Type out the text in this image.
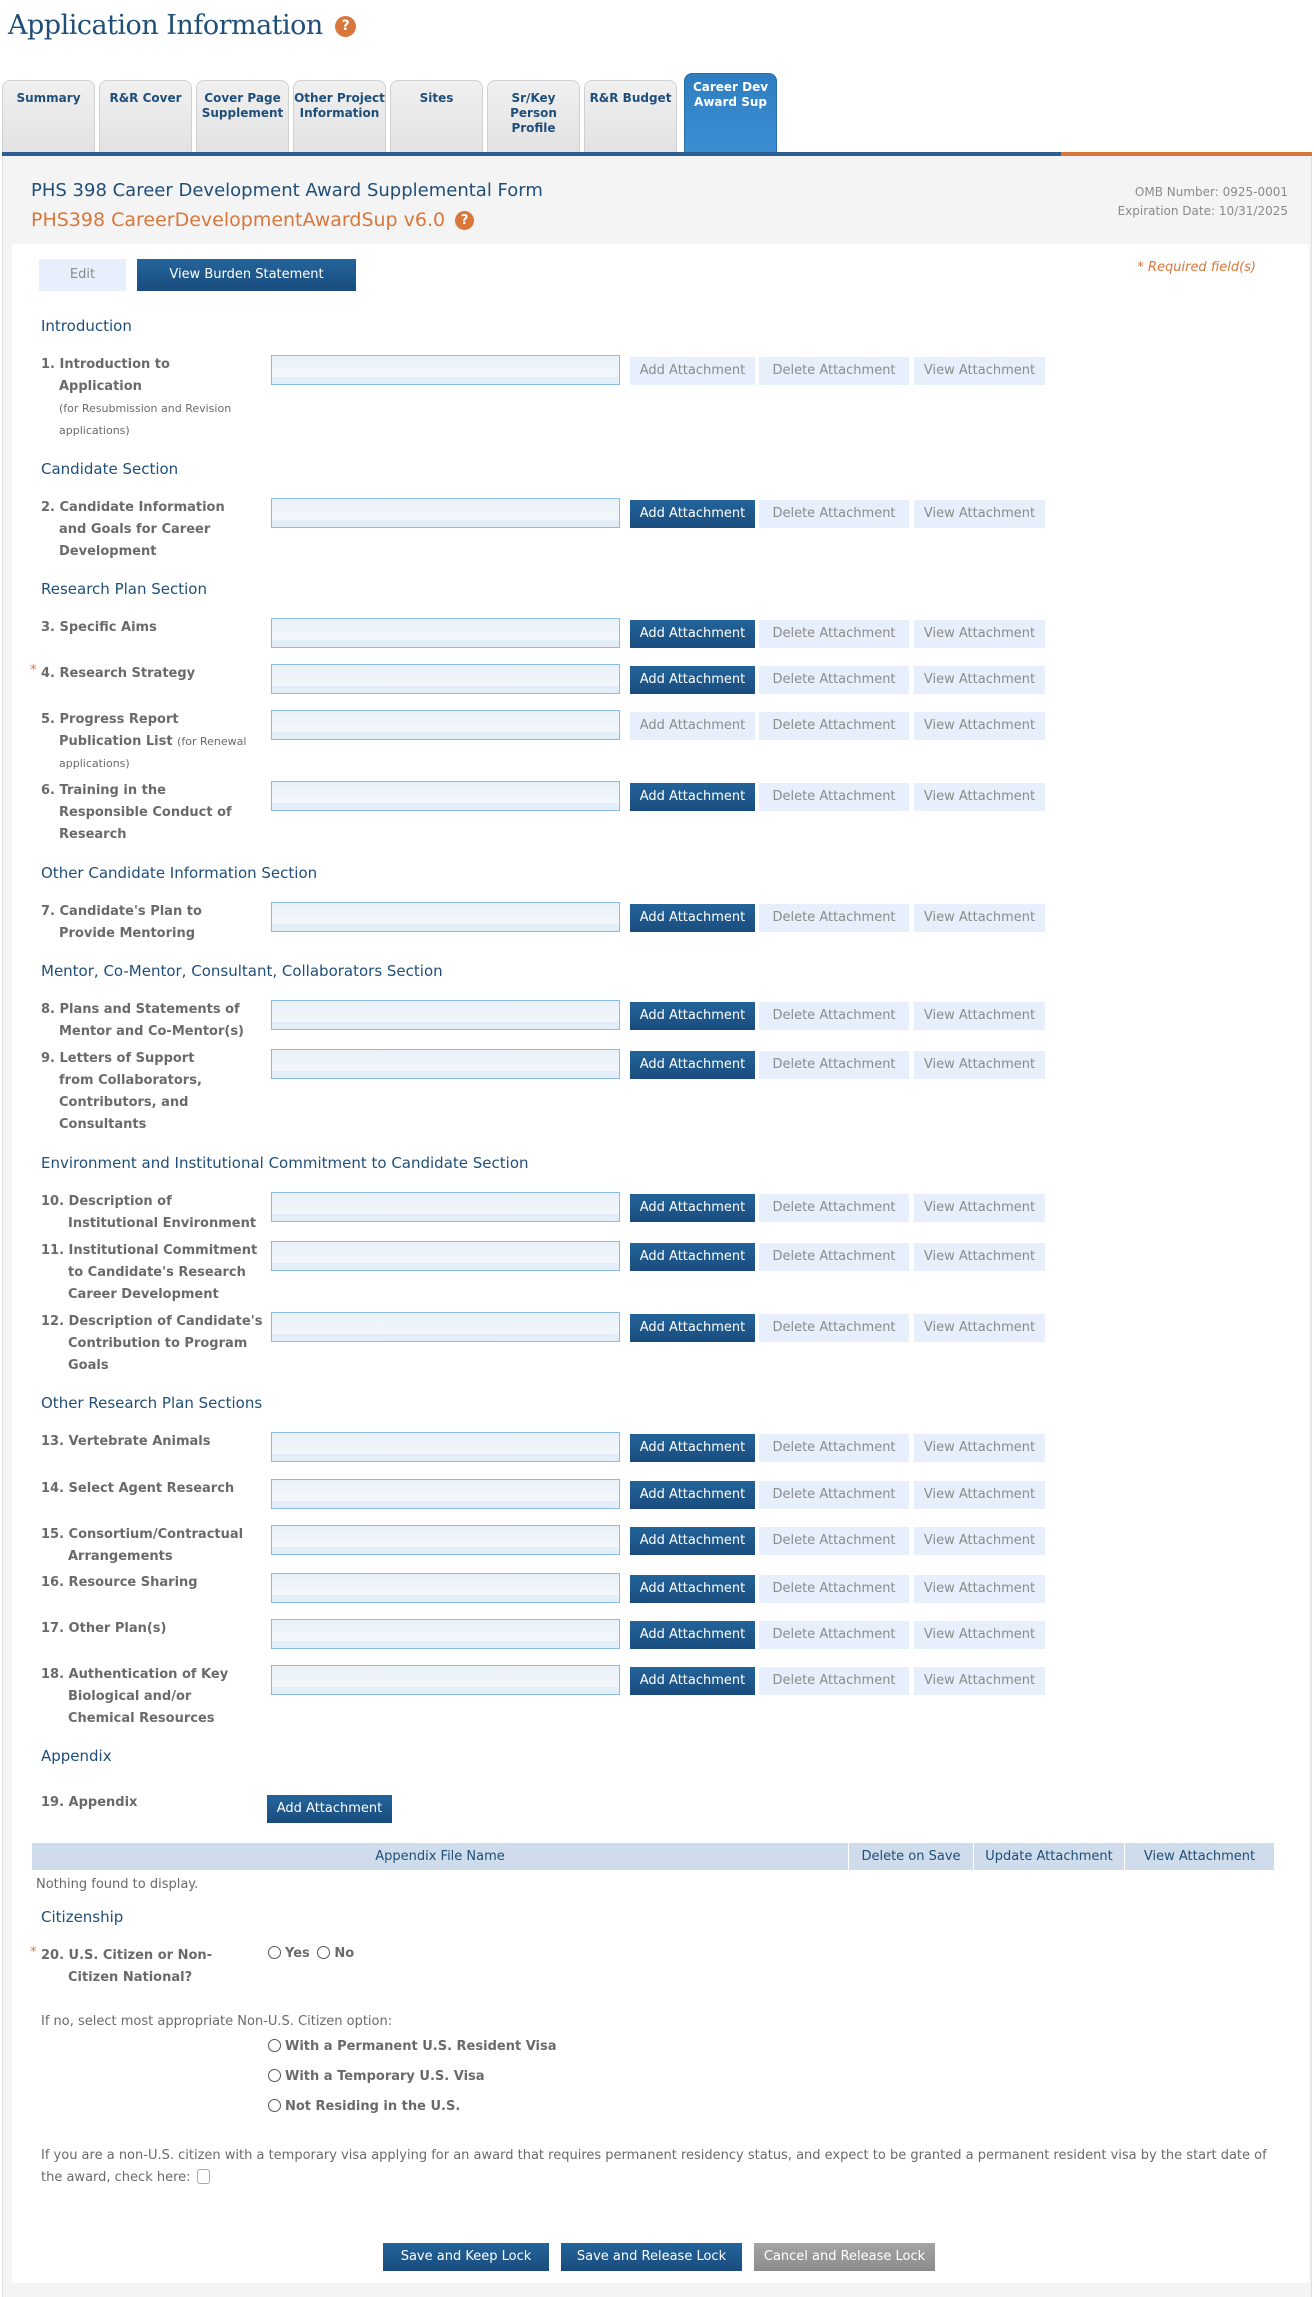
Application Information ?
Summary	R&R Cover	Cover Page Supplement
Other Project Information
Sites	Sr/Key Person Profile
R&R Budget
Career Dev Award Sup
PHS 398 Career Development Award Supplemental Form
PHS398 CareerDevelopmentAwardSup v6.0 ?
OMB Number: 0925-0001
Expiration Date: 10/31/2025
Edit	View Burden Statement	* Required field(s)
Introduction
Candidate Section
Research Plan Section
Other Candidate Information Section
Mentor, Co-Mentor, Consultant, Collaborators Section
Environment and Institutional Commitment to Candidate Section
Other Research Plan Sections
Appendix
Citizenship
1. Introduction to Application
(for Resubmission and Revision applications)
Add Attachment	Delete Attachment	View Attachment
2. Candidate Information and Goals for Career Development
Add Attachment	Delete Attachment	View Attachment
3. Specific Aims	Add Attachment	Delete Attachment	View Attachment
* 4. Research Strategy	Add Attachment	Delete Attachment	View Attachment
5. Progress Report Publication List (for Renewal applications)
Add Attachment	Delete Attachment	View Attachment
6. Training in the Responsible Conduct of Research
Add Attachment	Delete Attachment	View Attachment
7. Candidate's Plan to Provide Mentoring
Add Attachment	Delete Attachment	View Attachment
8. Plans and Statements of Mentor and Co-Mentor(s)
Add Attachment	Delete Attachment	View Attachment
9. Letters of Support from Collaborators, Contributors, and Consultants
Add Attachment	Delete Attachment	View Attachment
10. Description of Institutional Environment
Add Attachment	Delete Attachment	View Attachment
11. Institutional Commitment to Candidate's Research Career Development
Add Attachment	Delete Attachment	View Attachment
12. Description of Candidate's Contribution to Program Goals
Add Attachment	Delete Attachment	View Attachment
13. Vertebrate Animals	Add Attachment	Delete Attachment	View Attachment
14. Select Agent Research	Add Attachment	Delete Attachment	View Attachment
15. Consortium/Contractual Arrangements
Add Attachment	Delete Attachment	View Attachment
16. Resource Sharing	Add Attachment	Delete Attachment	View Attachment
17. Other Plan(s)	Add Attachment	Delete Attachment	View Attachment
18. Authentication of Key Biological and/or Chemical Resources
Add Attachment	Delete Attachment	View Attachment
19. Appendix	Add Attachment
Appendix File Name	Delete on Save	Update Attachment	View Attachment
Nothing found to display.
* 20. U.S. Citizen or Non-Citizen National?
Yes No
If no, select most appropriate Non-U.S. Citizen option:
With a Permanent U.S. Resident Visa
With a Temporary U.S. Visa
Not Residing in the U.S.
If you are a non-U.S. citizen with a temporary visa applying for an award that requires permanent residency status, and expect to be granted a permanent resident visa by the start date of the award, check here:
Save and Keep Lock	Save and Release Lock	Cancel and Release Lock
